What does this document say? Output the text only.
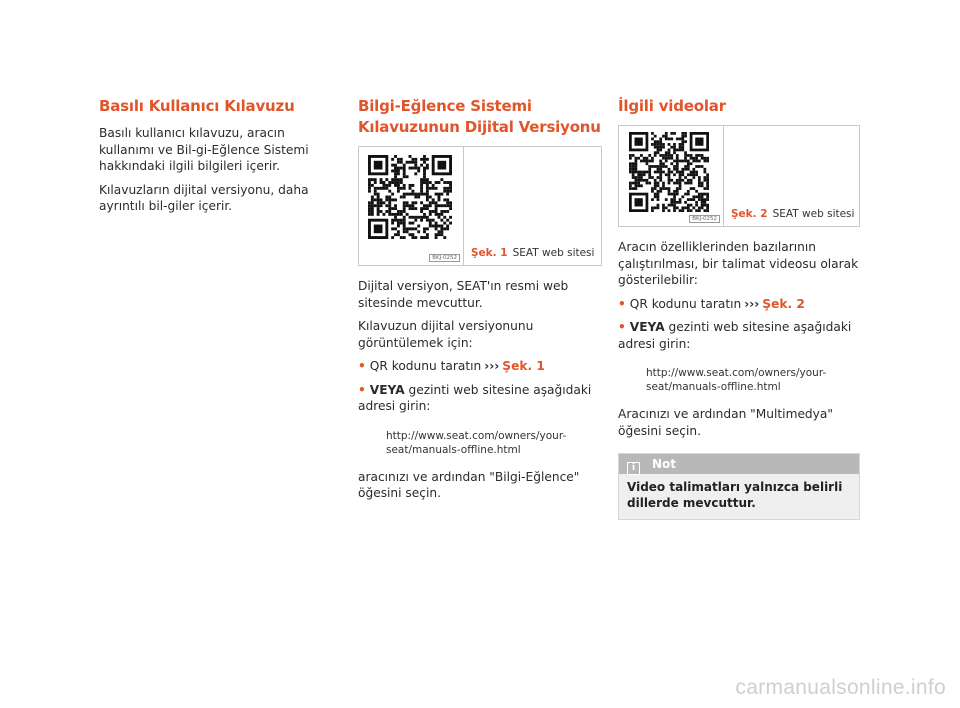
Basılı Kullanıcı Kılavuzu

Basılı kullanıcı kılavuzu, aracın kullanımı ve Bil-gi-Eğlence Sistemi hakkındaki ilgili bilgileri içerir.

Kılavuzların dijital versiyonu, daha ayrıntılı bil-giler içerir.

Bilgi-Eğlence Sistemi Kılavuzunun Dijital Versiyonu
BKJ-0252 Şek. 1 SEAT web sitesi

Dijital versiyon, SEAT'ın resmi web sitesinde mevcuttur.

Kılavuzun dijital versiyonunu görüntülemek için:

• QR kodunu taratın ››› Şek. 1
• VEYA gezinti web sitesine aşağıdaki adresi girin:
http://www.seat.com/owners/your-
seat/manuals-offline.html

aracınızı ve ardından "Bilgi-Eğlence" öğesini seçin.

İlgili videolar
BKJ-0252 Şek. 2 SEAT web sitesi

Aracın özelliklerinden bazılarının çalıştırılması, bir talimat videosu olarak gösterilebilir:

• QR kodunu taratın ››› Şek. 2
• VEYA gezinti web sitesine aşağıdaki adresi girin:
http://www.seat.com/owners/your-
seat/manuals-offline.html

Aracınızı ve ardından "Multimedya" öğesini seçin.

i Not
Video talimatları yalnızca belirli dillerde mevcuttur.
carmanualsonline.info
